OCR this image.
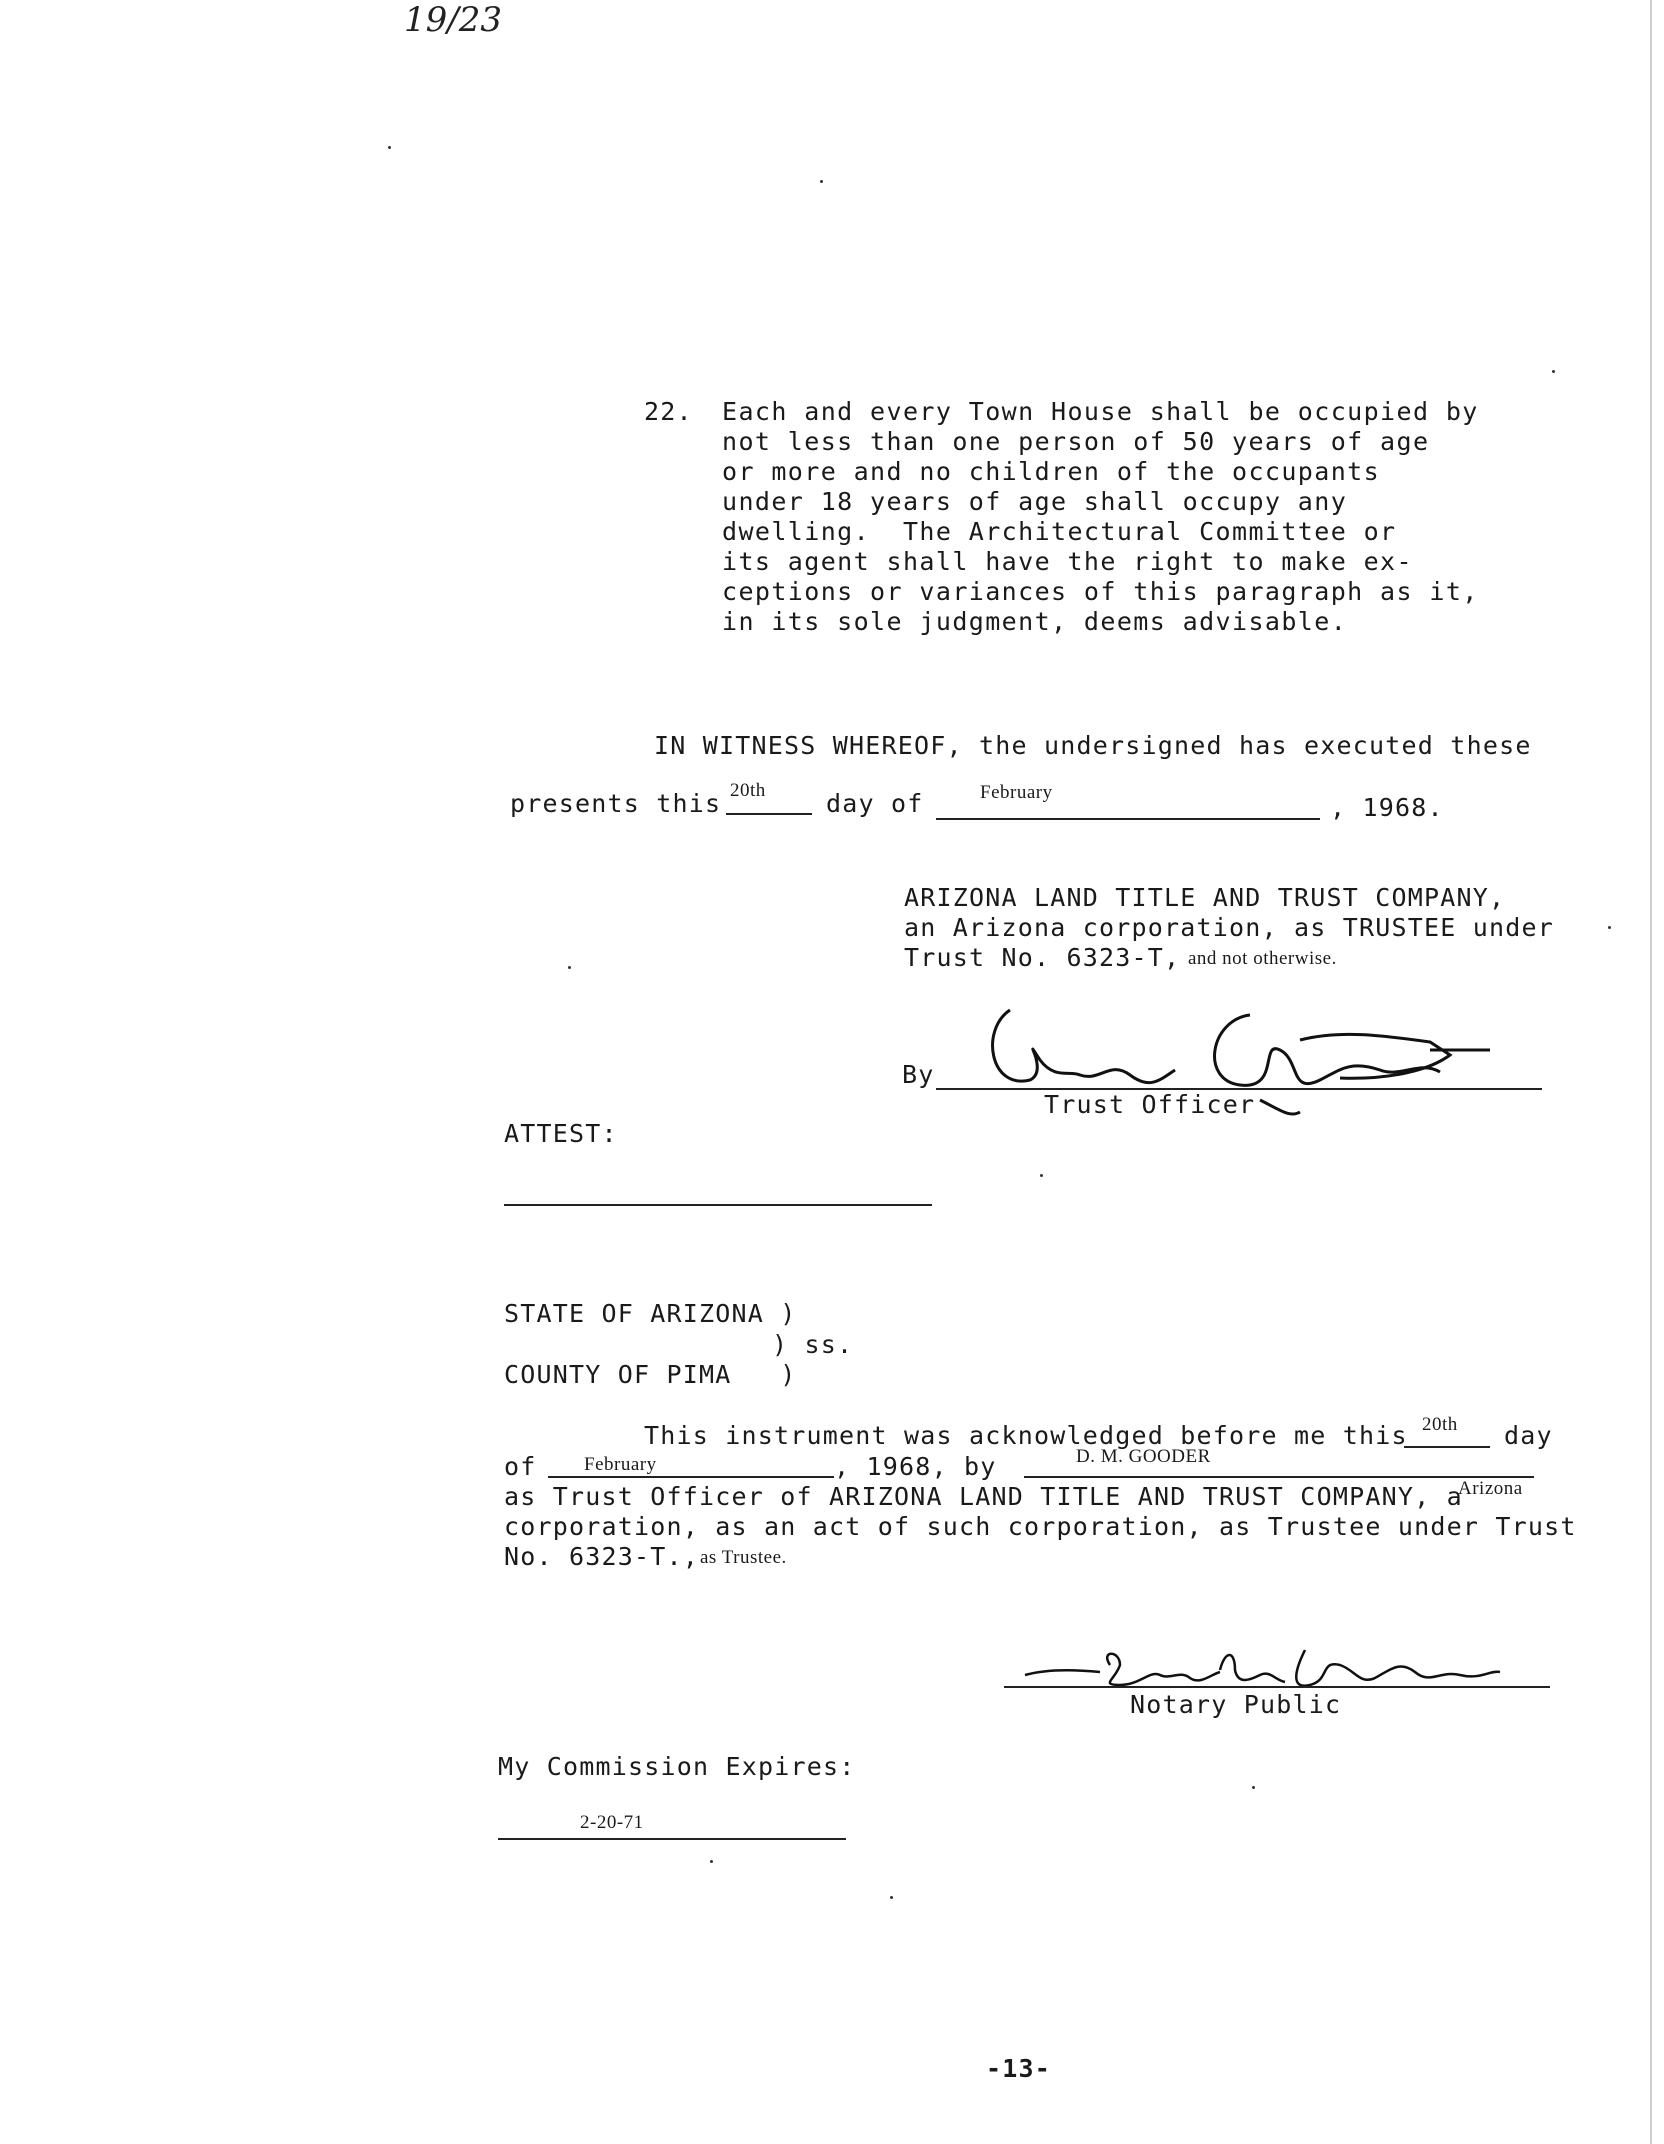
19/23
22. Each and every Town House shall be occupied by
not less than one person of 50 years of age
or more and no children of the occupants
under 18 years of age shall occupy any
dwelling.  The Architectural Committee or
its agent shall have the right to make ex-
ceptions or variances of this paragraph as it,
in its sole judgment, deems advisable.
IN WITNESS WHEREOF, the undersigned has executed these
presents this 20th day of	February
, 1968.
ARIZONA LAND TITLE AND TRUST COMPANY,
an Arizona corporation, as TRUSTEE under
Trust No. 6323-T, and not otherwise.
By
Trust Officer
ATTEST:
STATE OF ARIZONA )
) ss.
COUNTY OF PIMA   )
This instrument was acknowledged before me this 20th day
of February	, 1968, by	D. M. GOODER
as Trust Officer of ARIZONA LAND TITLE AND TRUST COMPANY, a
Arizona
corporation, as an act of such corporation, as Trustee under Trust
No. 6323-T., as Trustee.
Notary Public
My Commission Expires:
2-20-71
-13-
